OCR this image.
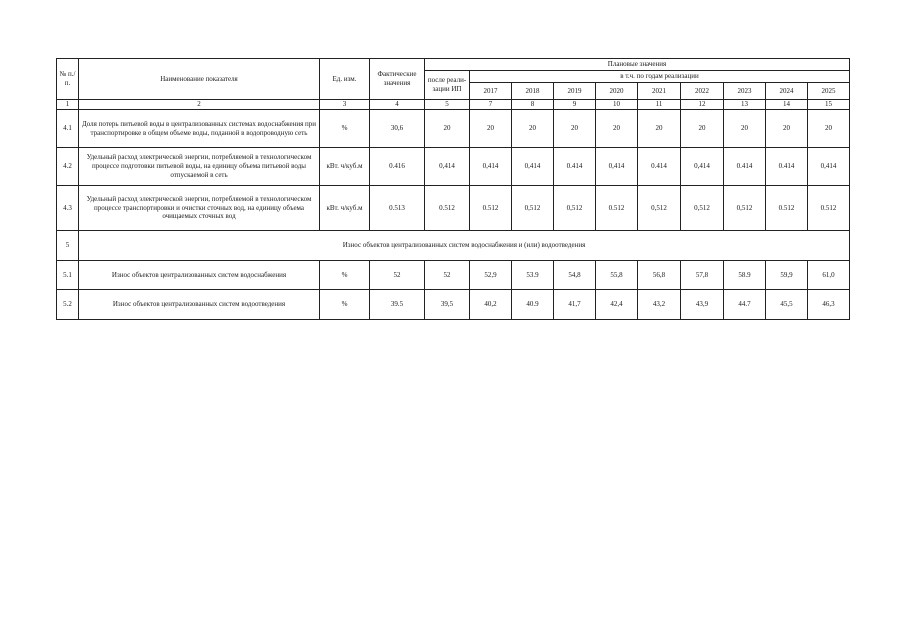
№ п./п.	Наименование показателя	Ед. изм.	Фактические значения	Плановые значения									
				после реали-зации ИП	в т.ч. по годам реализации								
					2017	2018	2019	2020	2021	2022	2023	2024	2025
1	2	3	4	5	7	8	9	10	11	12	13	14	15
4.1	Доля потерь питьевой воды в централизованных системах водоснабжения при транспортировке в общем объеме воды, поданной в водопроводную сеть	%	30,6	20	20	20	20	20	20	20	20	20	20
4.2	Удельный расход электрической энергии, потребляемой в технологическом процессе подготовки питьевой воды, на единицу объема питьевой воды отпускаемой в сеть	кВт. ч/куб.м	0.416	0,414	0,414	0,414	0.414	0,414	0.414	0,414	0.414	0.414	0,414
4.3	Удельный расход электрической энергии, потребляемой в технологическом процессе транспортировки и очистки сточных вод, на единицу объема очищаемых сточных вод	кВт. ч/куб.м	0.513	0.512	0.512	0,512	0,512	0.512	0,512	0,512	0,512	0.512	0.512
5	Износ объектов централизованных систем водоснабжения и (или) водоотведения												
5.1	Износ объектов централизованных систем водоснабжения	%	52	52	52,9	53.9	54,8	55,8	56,8	57,8	58.9	59,9	61,0
5.2	Износ объектов централизованных систем водоотведения	%	39.5	39,5	40,2	40.9	41,7	42,4	43,2	43,9	44.7	45,5	46,3
